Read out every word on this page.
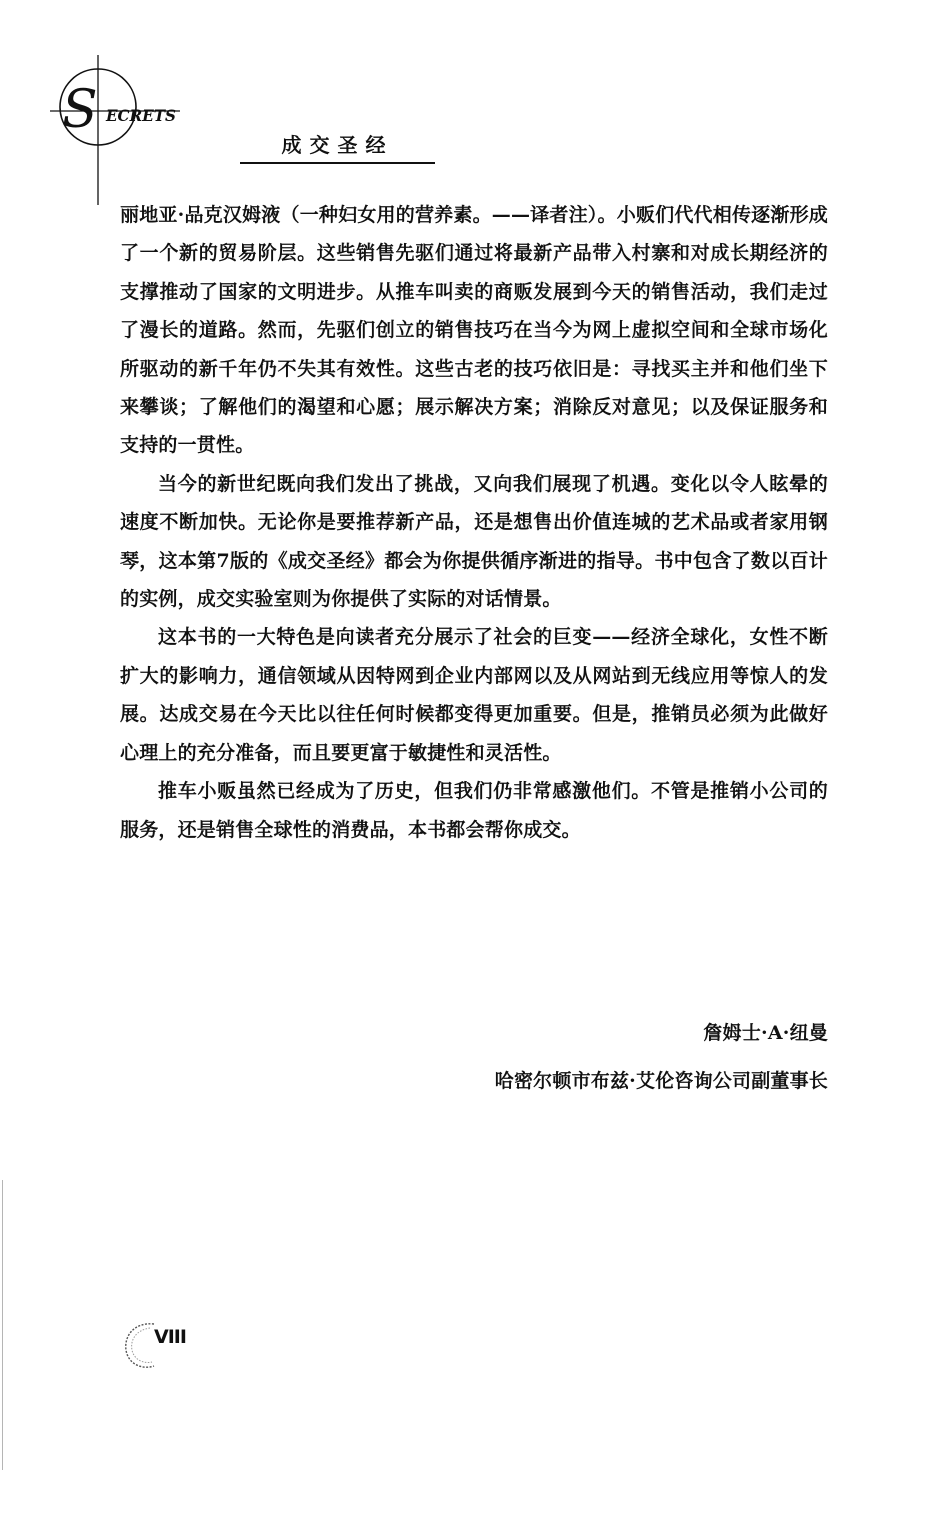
S ECRETS
成交圣经

丽地亚·品克汉姆液（一种妇女用的营养素。——译者注）。小贩们代代相传逐渐形成了一个新的贸易阶层。这些销售先驱们通过将最新产品带入村寨和对成长期经济的支撑推动了国家的文明进步。从推车叫卖的商贩发展到今天的销售活动，我们走过了漫长的道路。然而，先驱们创立的销售技巧在当今为网上虚拟空间和全球市场化所驱动的新千年仍不失其有效性。这些古老的技巧依旧是：寻找买主并和他们坐下来攀谈；了解他们的渴望和心愿；展示解决方案；消除反对意见；以及保证服务和支持的一贯性。

当今的新世纪既向我们发出了挑战，又向我们展现了机遇。变化以令人眩晕的速度不断加快。无论你是要推荐新产品，还是想售出价值连城的艺术品或者家用钢琴，这本第7版的《成交圣经》都会为你提供循序渐进的指导。书中包含了数以百计的实例，成交实验室则为你提供了实际的对话情景。

这本书的一大特色是向读者充分展示了社会的巨变——经济全球化，女性不断扩大的影响力，通信领域从因特网到企业内部网以及从网站到无线应用等惊人的发展。达成交易在今天比以往任何时候都变得更加重要。但是，推销员必须为此做好心理上的充分准备，而且要更富于敏捷性和灵活性。

推车小贩虽然已经成为了历史，但我们仍非常感激他们。不管是推销小公司的服务，还是销售全球性的消费品，本书都会帮你成交。

詹姆士·A·纽曼
哈密尔顿市布兹·艾伦咨询公司副董事长
VIII
